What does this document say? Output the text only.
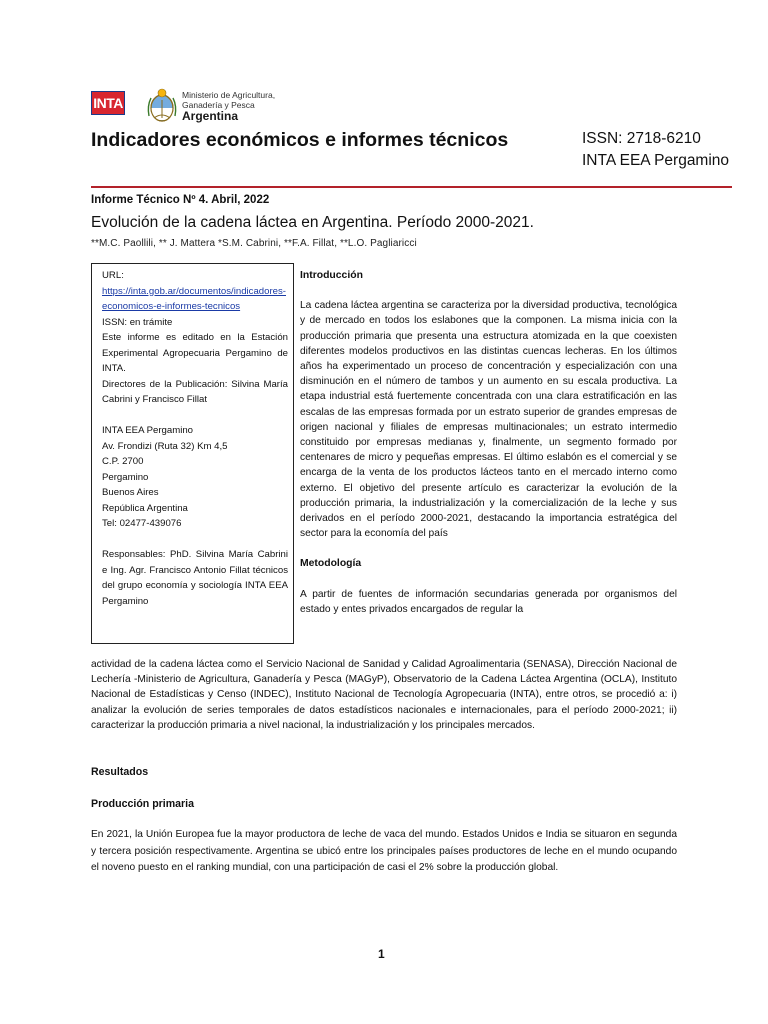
INTA	Ministerio de Agricultura,
Ganadería y Pesca
Argentina
Indicadores económicos e informes técnicos	ISSN: 2718-6210
INTA EEA Pergamino
Informe Técnico Nº 4. Abril, 2022
Evolución de la cadena láctea en Argentina. Período 2000-2021.
**M.C. Paollili, ** J. Mattera *S.M. Cabrini, **F.A. Fillat, **L.O. Pagliaricci
URL:
https://inta.gob.ar/documentos/indicadores-economicos-e-informes-tecnicos
ISSN: en trámite
Este informe es editado en la Estación Experimental Agropecuaria Pergamino de INTA.
Directores de la Publicación: Silvina María Cabrini y Francisco Fillat
INTA EEA Pergamino
Av. Frondizi (Ruta 32) Km 4,5
C.P. 2700
Pergamino
Buenos Aires
República Argentina
Tel: 02477-439076
Responsables: PhD. Silvina María Cabrini e Ing. Agr. Francisco Antonio Fillat técnicos del grupo economía y sociología INTA EEA Pergamino
Introducción

La cadena láctea argentina se caracteriza por la diversidad productiva, tecnológica y de mercado en todos los eslabones que la componen. La misma inicia con la producción primaria que presenta una estructura atomizada en la que coexisten diferentes modelos productivos en las distintas cuencas lecheras. En los últimos años ha experimentado un proceso de concentración y especialización con una disminución en el número de tambos y un aumento en su escala productiva. La etapa industrial está fuertemente concentrada con una clara estratificación en las escalas de las empresas formada por un estrato superior de grandes empresas de origen nacional y filiales de empresas multinacionales; un estrato intermedio constituido por empresas medianas y, finalmente, un segmento formado por centenares de micro y pequeñas empresas. El último eslabón es el comercial y se encarga de la venta de los productos lácteos tanto en el mercado interno como externo. El objetivo del presente artículo es caracterizar la evolución de la producción primaria, la industrialización y la comercialización de la leche y sus derivados en el período 2000-2021, destacando la importancia estratégica del sector para la economía del país

Metodología

A partir de fuentes de información secundarias generada por organismos del estado y entes privados encargados de regular la

actividad de la cadena láctea como el Servicio Nacional de Sanidad y Calidad Agroalimentaria (SENASA), Dirección Nacional de Lechería -Ministerio de Agricultura, Ganadería y Pesca (MAGyP), Observatorio de la Cadena Láctea Argentina (OCLA), Instituto Nacional de Estadísticas y Censo (INDEC), Instituto Nacional de Tecnología Agropecuaria (INTA), entre otros, se procedió a: i) analizar la evolución de series temporales de datos estadísticos nacionales e internacionales, para el período 2000-2021; ii) caracterizar la producción primaria a nivel nacional, la industrialización y los principales mercados.
Resultados
Producción primaria
En 2021, la Unión Europea fue la mayor productora de leche de vaca del mundo. Estados Unidos e India se situaron en segunda y tercera posición respectivamente. Argentina se ubicó entre los principales países productores de leche en el mundo ocupando el noveno puesto en el ranking mundial, con una participación de casi el 2% sobre la producción global.
1
